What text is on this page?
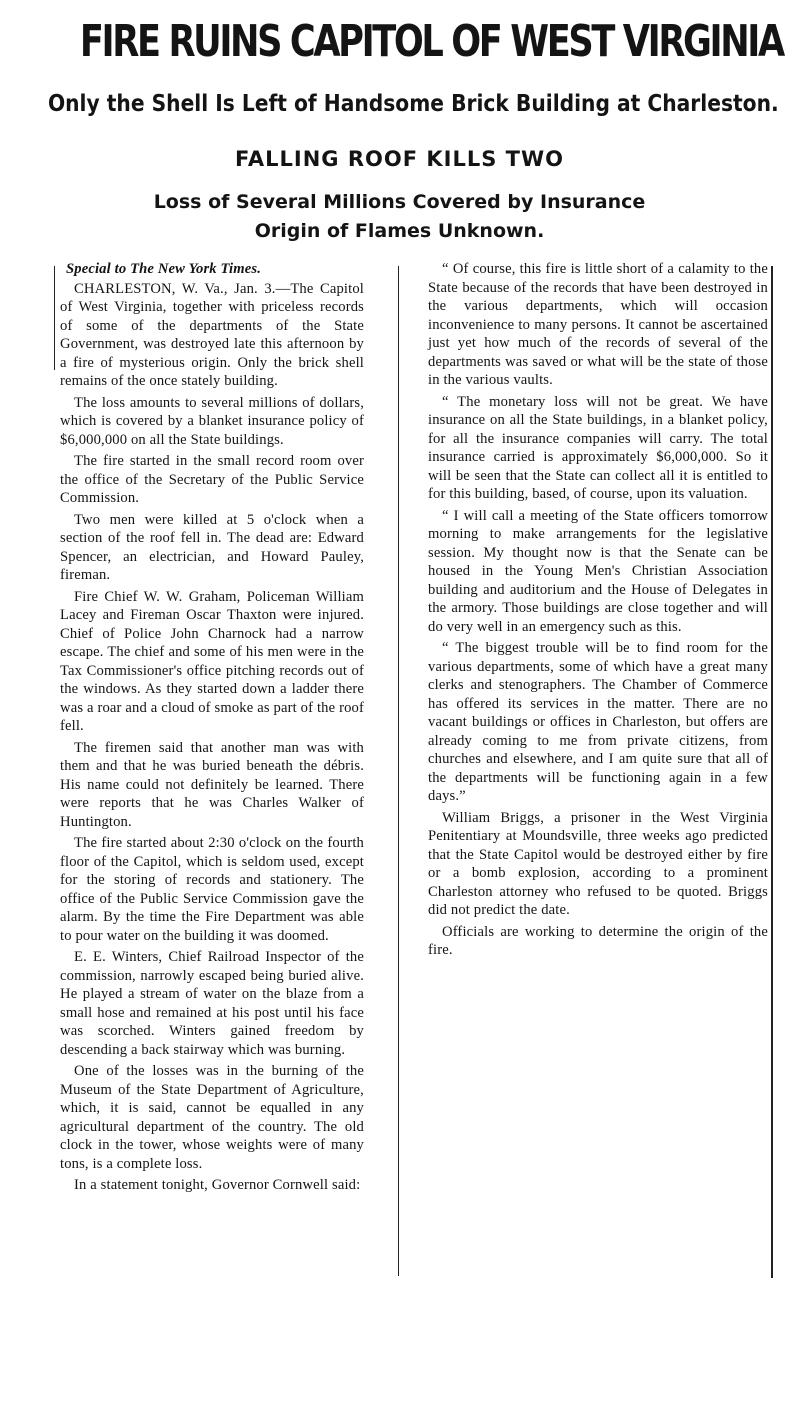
FIRE RUINS CAPITOL OF WEST VIRGINIA
Only the Shell Is Left of Handsome Brick Building at Charleston.
FALLING ROOF KILLS TWO
Loss of Several Millions Covered by Insurance
Origin of Flames Unknown.

Special to The New York Times.

CHARLESTON, W. Va., Jan. 3.—The Capitol of West Virginia, together with priceless records of some of the departments of the State Government, was destroyed late this afternoon by a fire of mysterious origin. Only the brick shell remains of the once stately building.

The loss amounts to several millions of dollars, which is covered by a blanket insurance policy of $6,000,000 on all the State buildings.

The fire started in the small record room over the office of the Secretary of the Public Service Commission.

Two men were killed at 5 o'clock when a section of the roof fell in. The dead are: Edward Spencer, an electrician, and Howard Pauley, fireman.

Fire Chief W. W. Graham, Policeman William Lacey and Fireman Oscar Thaxton were injured. Chief of Police John Charnock had a narrow escape. The chief and some of his men were in the Tax Commissioner's office pitching records out of the windows. As they started down a ladder there was a roar and a cloud of smoke as part of the roof fell.

The firemen said that another man was with them and that he was buried beneath the débris. His name could not definitely be learned. There were reports that he was Charles Walker of Huntington.

The fire started about 2:30 o'clock on the fourth floor of the Capitol, which is seldom used, except for the storing of records and stationery. The office of the Public Service Commission gave the alarm. By the time the Fire Department was able to pour water on the building it was doomed.

E. E. Winters, Chief Railroad Inspector of the commission, narrowly escaped being buried alive. He played a stream of water on the blaze from a small hose and remained at his post until his face was scorched. Winters gained freedom by descending a back stairway which was burning.

One of the losses was in the burning of the Museum of the State Department of Agriculture, which, it is said, cannot be equalled in any agricultural department of the country. The old clock in the tower, whose weights were of many tons, is a complete loss.

In a statement tonight, Governor Cornwell said:

“ Of course, this fire is little short of a calamity to the State because of the records that have been destroyed in the various departments, which will occasion inconvenience to many persons. It cannot be ascertained just yet how much of the records of several of the departments was saved or what will be the state of those in the various vaults.

“ The monetary loss will not be great. We have insurance on all the State buildings, in a blanket policy, for all the insurance companies will carry. The total insurance carried is approximately $6,000,000. So it will be seen that the State can collect all it is entitled to for this building, based, of course, upon its valuation.

“ I will call a meeting of the State officers tomorrow morning to make arrangements for the legislative session. My thought now is that the Senate can be housed in the Young Men's Christian Association building and auditorium and the House of Delegates in the armory. Those buildings are close together and will do very well in an emergency such as this.

“ The biggest trouble will be to find room for the various departments, some of which have a great many clerks and stenographers. The Chamber of Commerce has offered its services in the matter. There are no vacant buildings or offices in Charleston, but offers are already coming to me from private citizens, from churches and elsewhere, and I am quite sure that all of the departments will be functioning again in a few days.”

William Briggs, a prisoner in the West Virginia Penitentiary at Moundsville, three weeks ago predicted that the State Capitol would be destroyed either by fire or a bomb explosion, according to a prominent Charleston attorney who refused to be quoted. Briggs did not predict the date.

Officials are working to determine the origin of the fire.
